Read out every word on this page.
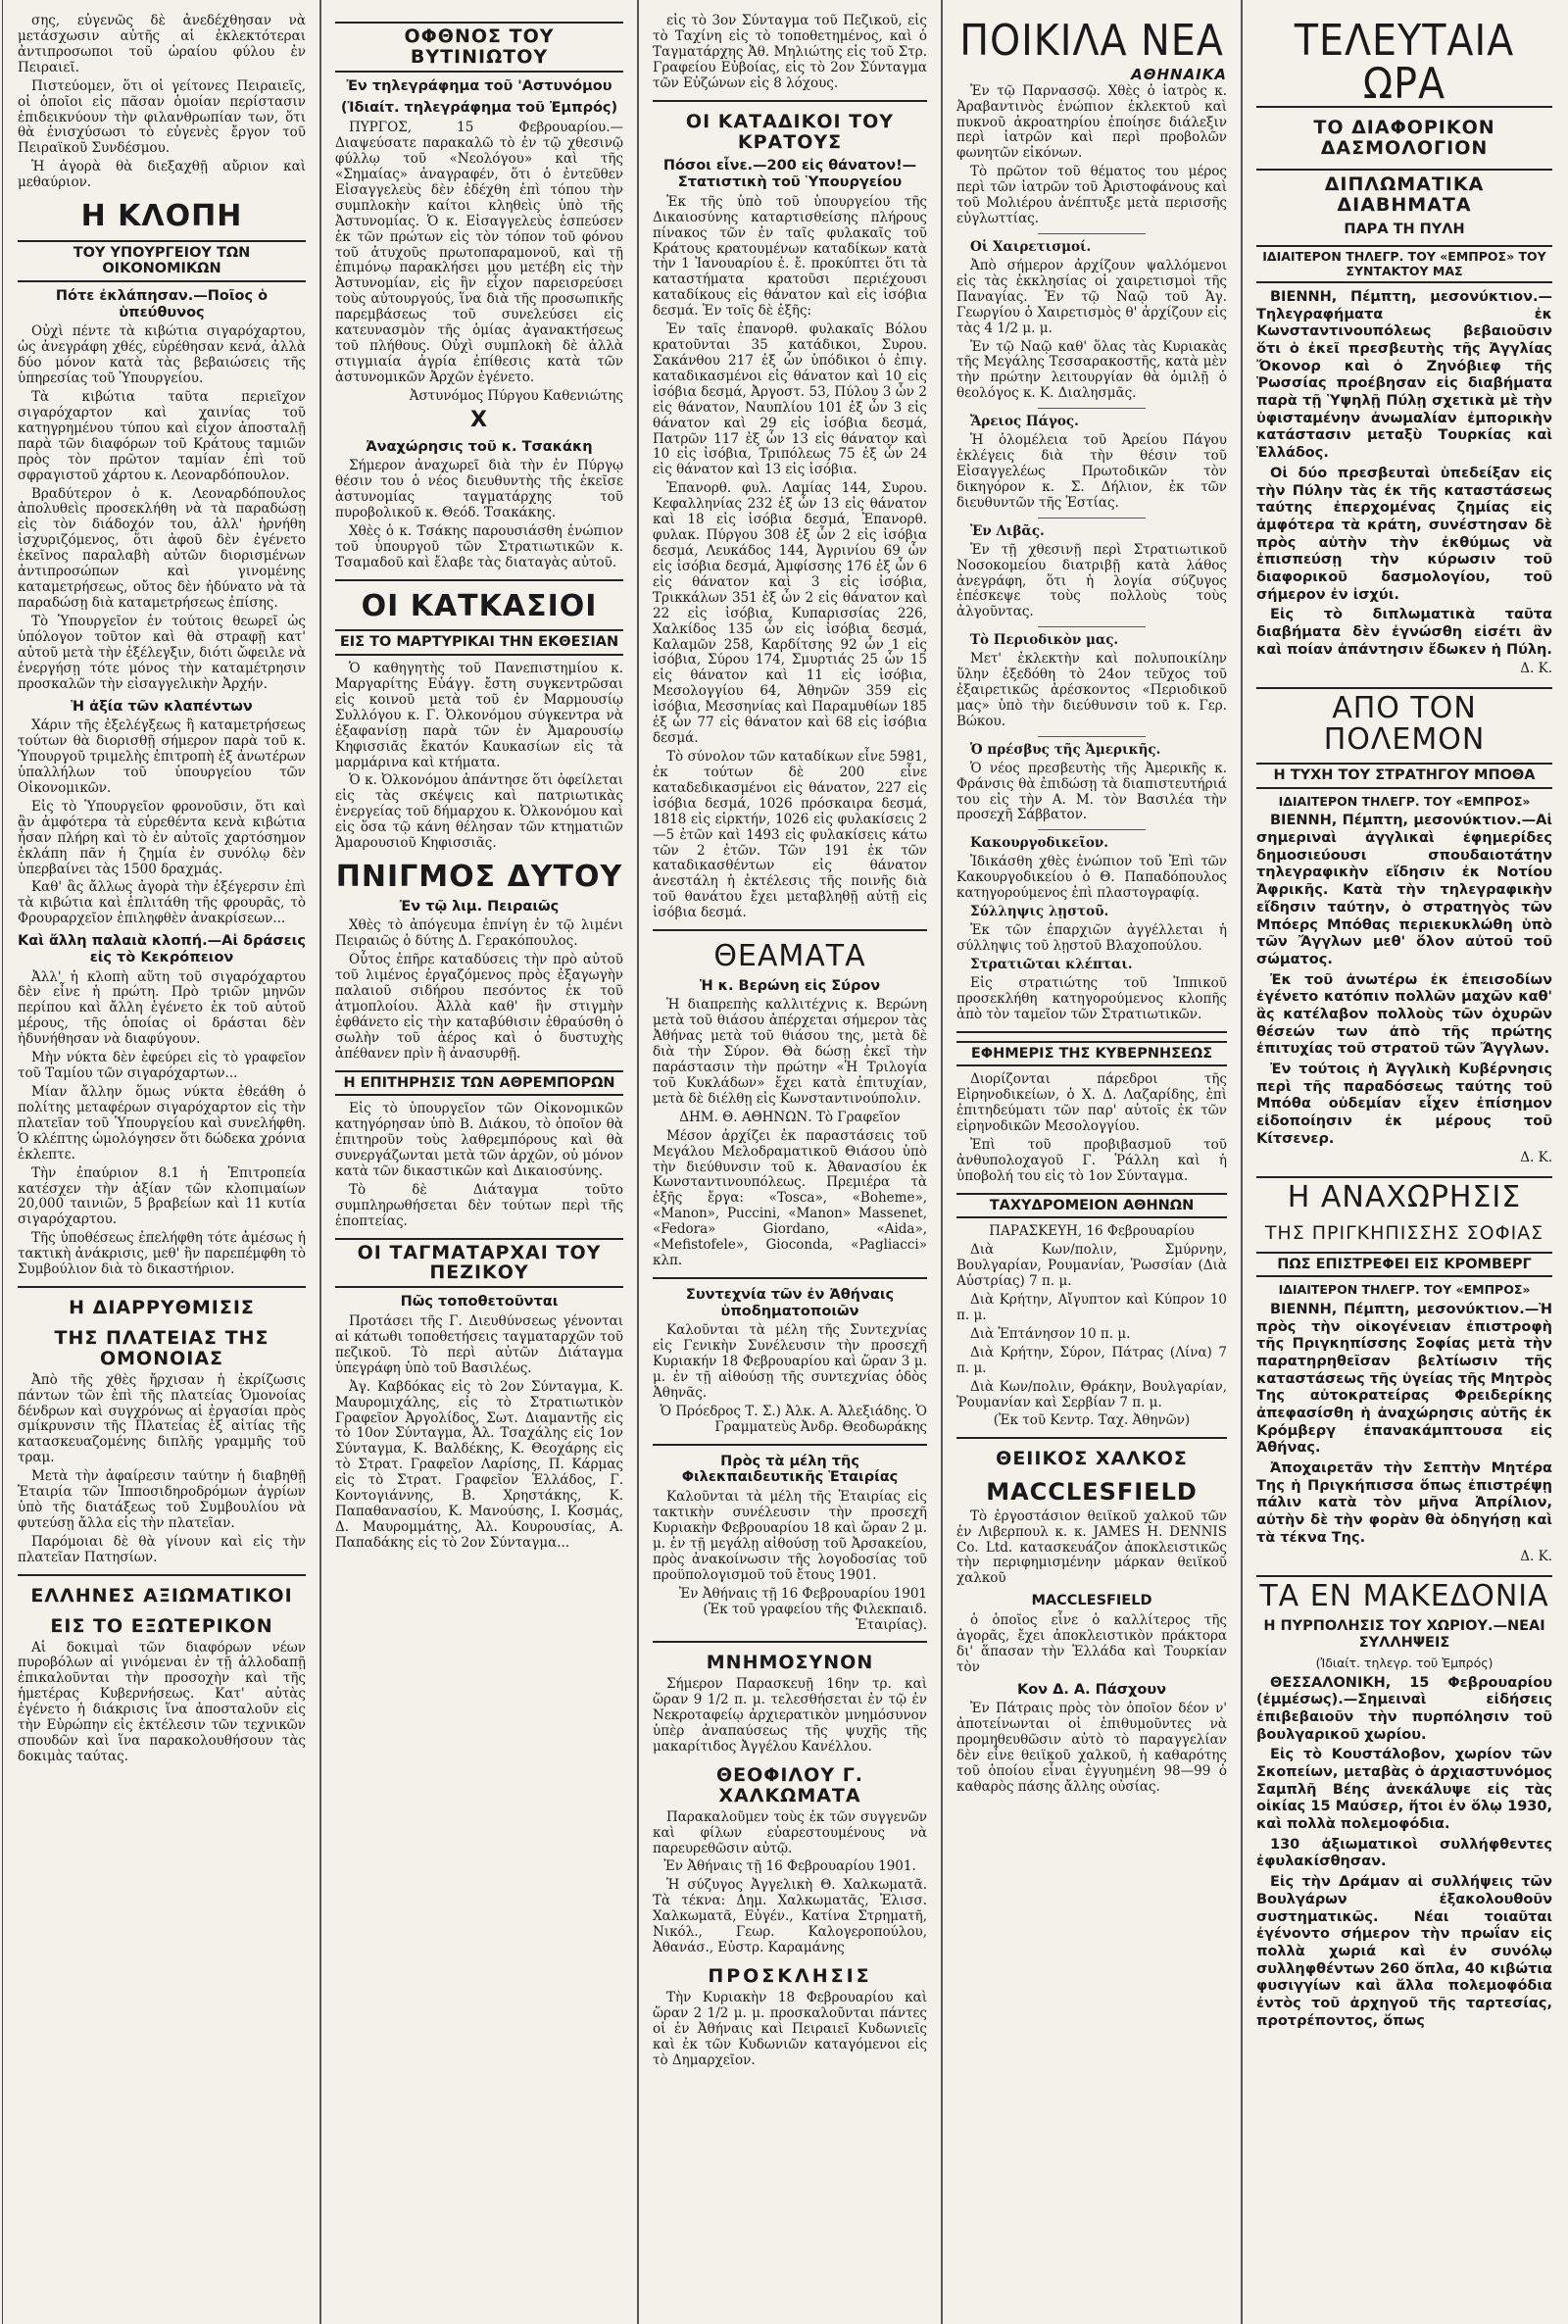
σης, εὐγενῶς δὲ ἀνεδέχθησαν νὰ μετάσχωσιν αὐτῆς αἱ ἐκλεκτότεραι ἀντιπροσωποι τοῦ ὡραίου φύλου ἐν Πειραιεῖ.

Πιστεύομεν, ὅτι οἱ γείτονες Πειραιεῖς, οἱ ὁποῖοι εἰς πᾶσαν ὁμοίαν περίστασιν ἐπιδεικνύουν τὴν φιλανθρωπίαν των, ὅτι θὰ ἐνισχύσωσι τὸ εὐγενὲς ἔργον τοῦ Πειραϊκοῦ Συνδέσμου.

Ἡ ἀγορὰ θὰ διεξαχθῇ αὔριον καὶ μεθαύριον.

Η ΚΛΟΠΗ
ΤΟΥ ΥΠΟΥΡΓΕΙΟΥ ΤΩΝ ΟΙΚΟΝΟΜΙΚΩΝ
Πότε ἐκλάπησαν.—Ποῖος ὁ ὑπεύθυνος

Οὐχὶ πέντε τὰ κιβώτια σιγαρόχαρτου, ὡς ἀνεγράφη χθές, εὑρέθησαν κενά, ἀλλὰ δύο μόνον κατὰ τὰς βεβαιώσεις τῆς ὑπηρεσίας τοῦ Ὑπουργείου.

Τὰ κιβώτια ταῦτα περιεῖχον σιγαρόχαρτον καὶ χαινίας τοῦ κατηγρημένου τύπου καὶ εἶχον ἀποσταλῇ παρὰ τῶν διαφόρων τοῦ Κράτους ταμιῶν πρὸς τὸν πρῶτον ταμίαν ἐπὶ τοῦ σφραγιστοῦ χάρτου κ. Λεοναρδόπουλον.

Βραδύτερον ὁ κ. Λεοναρδόπουλος ἀπολυθεὶς προσεκλήθη νὰ τὰ παραδώσῃ εἰς τὸν διάδοχόν του, ἀλλ' ἠρνήθη ἰσχυριζόμενος, ὅτι ἀφοῦ δὲν ἐγένετο ἐκεῖνος παραλαβὴ αὐτῶν διορισμένων ἀντιπροσώπων καὶ γινομένης καταμετρήσεως, οὔτος δὲν ἠδύνατο νὰ τὰ παραδώσῃ διὰ καταμετρήσεως ἐπίσης.

Τὸ Ὑπουργεῖον ἐν τούτοις θεωρεῖ ὡς ὑπόλογον τοῦτον καὶ θὰ στραφῇ κατ' αὐτοῦ μετὰ τὴν ἐξέλεγξιν, διότι ὤφειλε νὰ ἐνεργήσῃ τότε μόνος τὴν καταμέτρησιν προσκαλῶν τὴν εἰσαγγελικὴν Ἀρχήν.

Ἡ ἀξία τῶν κλαπέντων

Χάριν τῆς ἐξελέγξεως ἢ καταμετρήσεως τούτων θὰ διορισθῇ σήμερον παρὰ τοῦ κ. Ὑπουργοῦ τριμελὴς ἐπιτροπὴ ἐξ ἀνωτέρων ὑπαλλήλων τοῦ ὑπουργείου τῶν Οἰκονομικῶν.

Εἰς τὸ Ὑπουργεῖον φρονοῦσιν, ὅτι καὶ ἂν ἀμφότερα τὰ εὑρεθέντα κενὰ κιβώτια ἦσαν πλήρη καὶ τὸ ἐν αὐτοῖς χαρτόσημον ἐκλάπη πᾶν ἡ ζημία ἐν συνόλῳ δὲν ὑπερβαίνει τὰς 1500 δραχμάς.

Καθ' ἃς ἄλλως ἀγορὰ τὴν ἐξέγερσιν ἐπὶ τὰ κιβώτια καὶ ἐπλιτάθη τῆς φρουρᾶς, τὸ Φρουραρχεῖον ἐπιληφθὲν ἀνακρίσεων...

Καὶ ἄλλη παλαιὰ κλοπή.—Αἱ δράσεις εἰς τὸ Κεκρόπειον

Ἀλλ' ἡ κλοπὴ αὕτη τοῦ σιγαρόχαρτου δὲν εἶνε ἡ πρώτη. Πρὸ τριῶν μηνῶν περίπου καὶ ἄλλη ἐγένετο ἐκ τοῦ αὐτοῦ μέρους, τῆς ὁποίας οἱ δράσται δὲν ἠδυνήθησαν νὰ διαφύγουν.

Μὴν νύκτα δὲν ἐφεύρει εἰς τὸ γραφεῖον τοῦ Ταμίου τῶν σιγαρόχαρτων...

Μίαν ἄλλην ὅμως νύκτα ἐθεάθη ὁ πολίτης μεταφέρων σιγαρόχαρτον εἰς τὴν πλατεῖαν τοῦ Ὑπουργείου καὶ συνελήφθη. Ὁ κλέπτης ὡμολόγησεν ὅτι δώδεκα χρόνια ἐκλεπτε.

Τὴν ἐπαύριον 8.1 ἡ Ἐπιτροπεία κατέσχεν τὴν ἀξίαν τῶν κλοπιμαίων 20,000 ταινιῶν, 5 βραβείων καὶ 11 κυτία σιγαρόχαρτου.

Τῆς ὑποθέσεως ἐπελήφθη τότε ἀμέσως ἡ τακτικὴ ἀνάκρισις, μεθ' ἣν παρεπέμφθη τὸ Συμβούλιον διὰ τὸ δικαστήριον.

Η ΔΙΑΡΡΥΘΜΙΣΙΣ
ΤΗΣ ΠΛΑΤΕΙΑΣ ΤΗΣ ΟΜΟΝΟΙΑΣ

Ἀπὸ τῆς χθὲς ἤρχισαν ἡ ἐκρίζωσις πάντων τῶν ἐπὶ τῆς πλατείας Ὁμονοίας δένδρων καὶ συγχρόνως αἱ ἐργασίαι πρὸς σμίκρυνσιν τῆς Πλατείας ἐξ αἰτίας τῆς κατασκευαζομένης διπλῆς γραμμῆς τοῦ τραμ.

Μετὰ τὴν ἀφαίρεσιν ταύτην ἡ διαβηθῇ Ἑταιρία τῶν Ἱπποσιδηροδρόμων ἀγρίων ὑπὸ τῆς διατάξεως τοῦ Συμβουλίου νὰ φυτεύσῃ ἄλλα εἰς τὴν πλατεῖαν.

Παρόμοιαι δὲ θὰ γίνουν καὶ εἰς τὴν πλατεῖαν Πατησίων.

ΕΛΛΗΝΕΣ ΑΞΙΩΜΑΤΙΚΟΙ
ΕΙΣ ΤΟ ΕΞΩΤΕΡΙΚΟΝ

Αἱ δοκιμαὶ τῶν διαφόρων νέων πυροβόλων αἱ γινόμεναι ἐν τῇ ἀλλοδαπῇ ἐπικαλοῦνται τὴν προσοχὴν καὶ τῆς ἡμετέρας Κυβερνήσεως. Κατ' αὐτὰς ἐγένετο ἡ διάκρισις ἵνα ἀποσταλοῦν εἰς τὴν Εὐρώπην εἰς ἐκτέλεσιν τῶν τεχνικῶν σπουδῶν καὶ ἵνα παρακολουθήσουν τὰς δοκιμὰς ταύτας.

ΟΦΘΝΟΣ ΤΟΥ ΒΥΤΙΝΙΩΤΟΥ
Ἐν τηλεγράφημα τοῦ 'Αστυνόμου
(Ἰδιαίτ. τηλεγράφημα τοῦ Ἐμπρός)

ΠΥΡΓΟΣ, 15 Φεβρουαρίου.— Διαψεύσατε παρακαλῶ τὸ ἐν τῷ χθεσινῷ φύλλῳ τοῦ «Νεολόγου» καὶ τῆς «Σημαίας» ἀναγραφέν, ὅτι ὁ ἐντεῦθεν Εἰσαγγελεὺς δὲν ἐδέχθη ἐπὶ τόπου τὴν συμπλοκὴν καίτοι κληθεὶς ὑπὸ τῆς Ἀστυνομίας. Ὁ κ. Εἰσαγγελεὺς ἐσπεύσεν ἐκ τῶν πρώτων εἰς τὸν τόπον τοῦ φόνου τοῦ ἀτυχοῦς πρωτοπαραμονοῦ, καὶ τῇ ἐπιμόνῳ παρακλήσει μου μετέβη εἰς τὴν Ἀστυνομίαν, εἰς ἣν εἶχον παρεισρεύσει τοὺς αὐτουργούς, ἵνα διὰ τῆς προσωπικῆς παρεμβάσεως τοῦ συνελεύσει εἰς κατευνασμὸν τῆς ὁμίας ἀγανακτήσεως τοῦ πλήθους. Οὐχὶ συμπλοκὴ δὲ ἀλλὰ στιγμιαία ἀγρία ἐπίθεσις κατὰ τῶν ἀστυνομικῶν Ἀρχῶν ἐγένετο.

Ἀστυνόμος Πύργου Καθενιώτης

X
Ἀναχώρησις τοῦ κ. Τσακάκη

Σήμερον ἀναχωρεῖ διὰ τὴν ἐν Πύργῳ θέσιν του ὁ νέος διευθυντὴς τῆς ἐκεῖσε ἀστυνομίας ταγματάρχης τοῦ πυροβολικοῦ κ. Θεόδ. Τσακάκης.

Χθὲς ὁ κ. Τσάκης παρουσιάσθη ἐνώπιον τοῦ ὑπουργοῦ τῶν Στρατιωτικῶν κ. Τσαμαδοῦ καὶ ἔλαβε τὰς διαταγὰς αὐτοῦ.

ΟΙ ΚΑΤΚΑΣΙΟΙ
ΕΙΣ ΤΟ ΜΑΡΤΥΡΙΚΑΙ ΤΗΝ ΕΚΘΕΣΙΑΝ

Ὁ καθηγητὴς τοῦ Πανεπιστημίου κ. Μαργαρίτης Εὐάγγ. ἔστη συγκεντρῶσαι εἰς κοινοῦ μετὰ τοῦ ἐν Μαρμουσίῳ Συλλόγου κ. Γ. Ὀλκονόμου σύγκεντρα νὰ ἐξαφανίσῃ παρὰ τῶν ἐν Ἀμαρουσίῳ Κηφισσιᾶς ἔκατόν Καυκασίων εἰς τὰ μαρμάρινα καὶ κτήματα.

Ὁ κ. Ὀλκονόμου ἀπάντησε ὅτι ὀφείλεται εἰς τὰς σκέψεις καὶ πατριωτικὰς ἐνεργείας τοῦ δήμαρχου κ. Ὀλκονόμου καὶ εἰς ὅσα τῷ κάνη θέλησαν τῶν κτηματιῶν Ἀμαρουσιοῦ Κηφισσιᾶς.

ΠΝΙΓΜΟΣ ΔΥΤΟΥ
Ἐν τῷ λιμ. Πειραιῶς

Χθὲς τὸ ἀπόγευμα ἐπνίγη ἐν τῷ λιμένι Πειραιῶς ὁ δύτης Δ. Γερακόπουλος.

Οὗτος ἐπῆρε καταδύσεις τὴν πρὸ αὐτοῦ τοῦ λιμένος ἐργαζόμενος πρὸς ἐξαγωγὴν παλαιοῦ σιδήρου πεσόντος ἐκ τοῦ ἀτμοπλοίου. Ἀλλὰ καθ' ἣν στιγμὴν ἐφθάνετο εἰς τὴν καταβύθισιν ἐθραύσθη ὁ σωλὴν τοῦ ἀέρος καὶ ὁ δυστυχὴς ἀπέθανεν πρὶν ἢ ἀνασυρθῇ.

Η ΕΠΙΤΗΡΗΣΙΣ ΤΩΝ ΑΘΡΕΜΠΟΡΩΝ

Εἰς τὸ ὑπουργεῖον τῶν Οἰκονομικῶν κατηγόρησαν ὑπὸ Β. Διάκου, τὸ ὁποῖον θὰ ἐπιτηροῦν τοὺς λαθρεμπόρους καὶ θὰ συνεργάζωνται μετὰ τῶν ἀρχῶν, οὐ μόνον κατὰ τῶν δικαστικῶν καὶ Δικαιοσύνης.

Τὸ δὲ Διάταγμα τοῦτο συμπληρωθήσεται δὲν τούτων περὶ τῆς ἐποπτείας.

ΟΙ ΤΑΓΜΑΤΑΡΧΑΙ ΤΟΥ ΠΕΖΙΚΟΥ
Πῶς τοποθετοῦνται

Προτάσει τῆς Γ. Διευθύνσεως γένονται αἱ κάτωθι τοποθετήσεις ταγματαρχῶν τοῦ πεζικοῦ. Τὸ περὶ αὐτῶν Διάταγμα ὑπεγράφη ὑπὸ τοῦ Βασιλέως.

Ἀγ. Καβδόκας εἰς τὸ 2ον Σύνταγμα, Κ. Μαυρομιχάλης, εἰς τὸ Στρατιωτικὸν Γραφεῖον Ἀργολίδος, Σωτ. Διαμαντῆς εἰς τὸ 10ον Σύνταγμα, Ἀλ. Τσαχάλης εἰς 1ον Σύνταγμα, Κ. Βαλδέκης, Κ. Θεοχάρης εἰς τὸ Στρατ. Γραφεῖον Λαρίσης, Π. Κάρμας εἰς τὸ Στρατ. Γραφεῖον Ἑλλάδος, Γ. Κοντογιάννης, Β. Χρηστάκης, Κ. Παπαθανασίου, Κ. Μανούσης, Ι. Κοσμάς, Δ. Μαυρομμάτης, Ἀλ. Κουρουσίας, Α. Παπαδάκης εἰς τὸ 2ον Σύνταγμα...

εἰς τὸ 3ον Σύνταγμα τοῦ Πεζικοῦ, εἰς τὸ Ταχίνη εἰς τὸ τοποθετημένος, καὶ ὁ Ταγματάρχης Ἀθ. Μηλιώτης εἰς τοῦ Στρ. Γραφείου Εὐβοίας, εἰς τὸ 2ον Σύνταγμα τῶν Εὐζώνων εἰς 8 λόχους.

ΟΙ ΚΑΤΑΔΙΚΟΙ ΤΟΥ ΚΡΑΤΟΥΣ
Πόσοι εἶνε.—200 εἰς θάνατον!—Στατιστικὴ τοῦ Ὑπουργείου

Ἐκ τῆς ὑπὸ τοῦ ὑπουργείου τῆς Δικαιοσύνης καταρτισθείσης πλήρους πίνακος τῶν ἐν ταῖς φυλακαῖς τοῦ Κράτους κρατουμένων καταδίκων κατὰ τὴν 1 Ἰανουαρίου ἐ. ἔ. προκύπτει ὅτι τὰ καταστήματα κρατοῦσι περιέχουσι καταδίκους εἰς θάνατον καὶ εἰς ἰσόβια δεσμά. Ἐν τοῖς δὲ ἐξῆς:

Ἐν ταῖς ἐπανορθ. φυλακαῖς Βόλου κρατοῦνται 35 κατάδικοι, Συρου. Σακάνθου 217 ἐξ ὧν ὑπόδικοι ὁ ἐπιγ. καταδικασμένοι εἰς θάνατον καὶ 10 εἰς ἰσόβια δεσμά, Ἀργοστ. 53, Πύλου 3 ὧν 2 εἰς θάνατον, Ναυπλίου 101 ἐξ ὧν 3 εἰς θάνατον καὶ 29 εἰς ἰσόβια δεσμά, Πατρῶν 117 ἐξ ὧν 13 εἰς θάνατον καὶ 10 εἰς ἰσόβια, Τριπόλεως 75 ἐξ ὧν 24 εἰς θάνατον καὶ 13 εἰς ἰσόβια.

Ἐπανορθ. φυλ. Λαμίας 144, Συρου. Κεφαλληνίας 232 ἐξ ὧν 13 εἰς θάνατον καὶ 18 εἰς ἰσόβια δεσμά, Ἐπανορθ. φυλακ. Πύργου 308 ἐξ ὧν 2 εἰς ἰσόβια δεσμά, Λευκάδος 144, Ἀγρινίου 69 ὧν εἰς ἰσόβια δεσμά, Ἀμφίσσης 176 ἐξ ὧν 6 εἰς θάνατον καὶ 3 εἰς ἰσόβια, Τρικκάλων 351 ἐξ ὧν 2 εἰς θάνατον καὶ 22 εἰς ἰσόβια, Κυπαρισσίας 226, Χαλκίδος 135 ὧν εἰς ἰσόβια δεσμά, Καλαμῶν 258, Καρδίτσης 92 ὧν 1 εἰς ἰσόβια, Σύρου 174, Σμυρτιάς 25 ὧν 15 εἰς θάνατον καὶ 11 εἰς ἰσόβια, Μεσολογγίου 64, Ἀθηνῶν 359 εἰς ἰσόβια, Μεσσηνίας καὶ Παραμυθίων 185 ἐξ ὧν 77 εἰς θάνατον καὶ 68 εἰς ἰσόβια δεσμά.

Τὸ σύνολον τῶν καταδίκων εἶνε 5981, ἐκ τούτων δὲ 200 εἶνε καταδεδικασμένοι εἰς θάνατον, 227 εἰς ἰσόβια δεσμά, 1026 πρόσκαιρα δεσμά, 1818 εἰς εἱρκτήν, 1026 εἰς φυλακίσεις 2—5 ἐτῶν καὶ 1493 εἰς φυλακίσεις κάτω τῶν 2 ἐτῶν. Τῶν 191 ἐκ τῶν καταδικασθέντων εἰς θάνατον ἀνεστάλη ἡ ἐκτέλεσις τῆς ποινῆς διὰ τοῦ θανάτου ἔχει μεταβληθῇ αὐτῇ εἰς ἰσόβια δεσμά.

ΘΕΑΜΑΤΑ
Ἡ κ. Βερώνη εἰς Σύρον

Ἡ διαπρεπὴς καλλιτέχνις κ. Βερώνη μετὰ τοῦ θιάσου ἀπέρχεται σήμερον τὰς Ἀθήνας μετὰ τοῦ θιάσου της, μετὰ δὲ διὰ τὴν Σύρον. Θὰ δώσῃ ἐκεῖ τὴν παράστασιν τὴν πρώτην «Ἡ Τριλογία τοῦ Κυκλάδων» ἔχει κατὰ ἐπιτυχίαν, μετὰ δὲ διέλθῃ εἰς Κωνσταντινούπολιν.

ΔΗΜ. Θ. ΑΘΗΝΩΝ. Τὸ Γραφεῖον

Μέσον ἀρχίζει ἐκ παραστάσεις τοῦ Μεγάλου Μελοδραματικοῦ Θιάσου ὑπὸ τὴν διεύθυνσιν τοῦ κ. Ἀθανασίου ἐκ Κωνσταντινουπόλεως. Πρεμιέρα τὰ ἐξῆς ἔργα: «Tosca», «Boheme», «Manon», Puccini, «Manon» Massenet, «Fedora» Giordano, «Aida», «Mefistofele», Gioconda, «Pagliacci» κλπ.

Συντεχνία τῶν ἐν Ἀθήναις ὑποδηματοποιῶν

Καλοῦνται τὰ μέλη τῆς Συντεχνίας εἰς Γενικὴν Συνέλευσιν τὴν προσεχῆ Κυριακήν 18 Φεβρουαρίου καὶ ὥραν 3 μ. μ. ἐν τῇ αἰθούσῃ τῆς συντεχνίας ὁδὸς Ἀθηνᾶς.

Ὁ Πρόεδρος Τ. Σ.) Ἀλκ. Α. Ἀλεξιάδης. Ὁ Γραμματεὺς Ἀνδρ. Θεοδωράκης

Πρὸς τὰ μέλη τῆς Φιλεκπαιδευτικῆς Ἑταιρίας

Καλοῦνται τὰ μέλη τῆς Ἑταιρίας εἰς τακτικὴν συνέλευσιν τὴν προσεχῆ Κυριακὴν Φεβρουαρίου 18 καὶ ὥραν 2 μ. μ. ἐν τῇ μεγάλῃ αἰθούσῃ τοῦ Ἀρσακείου, πρὸς ἀνακοίνωσιν τῆς λογοδοσίας τοῦ προϋπολογισμοῦ τοῦ ἔτους 1901.

Ἐν Ἀθήναις τῇ 16 Φεβρουαρίου 1901 (Ἐκ τοῦ γραφείου τῆς Φιλεκπαιδ. Ἑταιρίας).

ΜΝΗΜΟΣΥΝΟΝ

Σήμερον Παρασκευῇ 16ην τρ. καὶ ὥραν 9 1/2 π. μ. τελεσθήσεται ἐν τῷ ἐν Νεκροταφείῳ ἀρχιερατικὸν μνημόσυνον ὑπὲρ ἀναπαύσεως τῆς ψυχῆς τῆς μακαρίτιδος Ἀγγέλου Κανέλλου.

ΘΕΟΦΙΛΟΥ Γ. ΧΑΛΚΩΜΑΤΑ

Παρακαλοῦμεν τοὺς ἐκ τῶν συγγενῶν καὶ φίλων εὐαρεστουμένους νὰ παρευρεθῶσιν αὐτῷ.

Ἐν Ἀθήναις τῇ 16 Φεβρουαρίου 1901.

Ἡ σύζυγος Ἀγγελικὴ Θ. Χαλκωματᾶ. Τὰ τέκνα: Δημ. Χαλκωματᾶς, Ἐλισσ. Χαλκωματᾶ, Εὐγέν., Κατίνα Στρηματῆ, Νικόλ., Γεωρ. Καλογεροπούλου, Ἀθανάσ., Εὐστρ. Καραμάνης

ΠΡΟΣΚΛΗΣΙΣ

Τὴν Κυριακὴν 18 Φεβρουαρίου καὶ ὥραν 2 1/2 μ. μ. προσκαλοῦνται πάντες οἱ ἐν Ἀθήναις καὶ Πειραιεῖ Κυδωνιεῖς καὶ ἐκ τῶν Κυδωνιῶν καταγόμενοι εἰς τὸ Δημαρχεῖον.

ΠΟΙΚΙΛΑ ΝΕΑ
ΑΘΗΝΑΙΚΑ

Ἐν τῷ Παρνασσῷ. Χθὲς ὁ ἰατρὸς κ. Ἀραβαντινὸς ἐνώπιον ἐκλεκτοῦ καὶ πυκνοῦ ἀκροατηρίου ἐποίησε διάλεξιν περὶ ἰατρῶν καὶ περὶ προβολῶν φωνητῶν εἰκόνων.

Τὸ πρῶτον τοῦ θέματος του μέρος περὶ τῶν ἰατρῶν τοῦ Ἀριστοφάνους καὶ τοῦ Μολιέρου ἀνέπτυξε μετὰ περισσῆς εὐγλωττίας.

Οἱ Χαιρετισμοί.

Ἀπὸ σήμερον ἀρχίζουν ψαλλόμενοι εἰς τὰς ἐκκλησίας οἱ χαιρετισμοὶ τῆς Παναγίας. Ἐν τῷ Ναῷ τοῦ Ἁγ. Γεωργίου ὁ Χαιρετισμὸς θ' ἀρχίζουν εἰς τὰς 4 1/2 μ. μ.

Ἐν τῷ Ναῷ καθ' ὅλας τὰς Κυριακὰς τῆς Μεγάλης Τεσσαρακοστῆς, κατὰ μὲν τὴν πρώτην λειτουργίαν θὰ ὁμιλῇ ὁ θεολόγος κ. Κ. Διαλησμᾶς.

Ἄρειος Πάγος.

Ἡ ὁλομέλεια τοῦ Ἀρείου Πάγου ἐκλέγεις διὰ τὴν θέσιν τοῦ Εἰσαγγελέως Πρωτοδικῶν τὸν δικηγόρον κ. Σ. Δήλιον, ἐκ τῶν διευθυντῶν τῆς Ἑστίας.

Ἐν Λιβᾶς.

Ἐν τῇ χθεσινῇ περὶ Στρατιωτικοῦ Νοσοκομείου διατριβῇ κατὰ λάθος ἀνεγράφη, ὅτι ἡ λογία σύζυγος ἐπέσκεψε τοὺς πολλοὺς τοὺς ἀλγοῦντας.

Τὸ Περιοδικὸν μας.

Μετ' ἐκλεκτὴν καὶ πολυποικίλην ὕλην ἐξεδόθη τὸ 24ον τεῦχος τοῦ ἐξαιρετικῶς ἀρέσκοντος «Περιοδικοῦ μας» ὑπὸ τὴν διεύθυνσιν τοῦ κ. Γερ. Βώκου.

Ὁ πρέσβυς τῆς Ἀμερικῆς.

Ὁ νέος πρεσβευτὴς τῆς Ἀμερικῆς κ. Φράνσις θὰ ἐπιδώσῃ τὰ διαπιστευτήριά του εἰς τὴν Α. Μ. τὸν Βασιλέα τὴν προσεχῆ Σάββατον.

Κακουργοδικεῖον.

Ἰδικάσθη χθὲς ἐνώπιον τοῦ Ἐπὶ τῶν Κακουργοδικείου ὁ Θ. Παπαδόπουλος κατηγορούμενος ἐπὶ πλαστογραφίᾳ.

Σύλληψις λῃστοῦ.

Ἐκ τῶν ἐπαρχιῶν ἀγγέλλεται ἡ σύλληψις τοῦ λῃστοῦ Βλαχοπούλου.

Στρατιῶται κλέπται.

Εἰς στρατιώτης τοῦ Ἱππικοῦ προσεκλήθη κατηγορούμενος κλοπῆς ἀπὸ τὸν ταμεῖον τῶν Στρατιωτικῶν.

ΕΦΗΜΕΡΙΣ ΤΗΣ ΚΥΒΕΡΝΗΣΕΩΣ

Διορίζονται πάρεδροι τῆς Εἰρηνοδικείων, ὁ Χ. Δ. Λαζαρίδης, ἐπὶ ἐπιτηδεύματι τῶν παρ' αὐτοῖς ἐκ τῶν εἰρηνοδικῶν Μεσολογγίου.

Ἐπὶ τοῦ προβιβασμοῦ τοῦ ἀνθυπολοχαγοῦ Γ. Ῥάλλη καὶ ἡ ὑποβολή του εἰς τὸ 1ον Σύνταγμα.

ΤΑΧΥΔΡΟΜΕΙΟΝ ΑΘΗΝΩΝ

ΠΑΡΑΣΚΕΥΗ, 16 Φεβρουαρίου

Διὰ Κων/πολιν, Σμύρνην, Βουλγαρίαν, Ρουμανίαν, Ῥωσσίαν (Διὰ Αὐστρίας) 7 π. μ.

Διὰ Κρήτην, Αἴγυπτον καὶ Κύπρον 10 π. μ.

Διὰ Ἑπτάνησον 10 π. μ.

Διὰ Κρήτην, Σύρον, Πάτρας (Λίνα) 7 π. μ.

Διὰ Κων/πολιν, Θράκην, Βουλγαρίαν, Ῥουμανίαν καὶ Σερβίαν 7 π. μ.

(Ἐκ τοῦ Κεντρ. Ταχ. Ἀθηνῶν)

ΘΕΙΙΚΟΣ ΧΑΛΚΟΣ
MACCLESFIELD

Τὸ ἐργοστάσιον θειϊκοῦ χαλκοῦ τῶν ἐν Λιβερπουλ κ. κ. JAMES H. DENNIS Co. Ltd. κατασκευάζον ἀποκλειστικῶς τὴν περιφημισμένην μάρκαν θειϊκοῦ χαλκοῦ

MACCLESFIELD

ὁ ὁποῖος εἶνε ὁ καλλίτερος τῆς ἀγορᾶς, ἔχει ἀποκλειστικὸν πράκτορα δι' ἅπασαν τὴν Ἑλλάδα καὶ Τουρκίαν τὸν

Κον Δ. Α. Πάσχουν

Ἐν Πάτραις πρὸς τὸν ὁποῖον δέον ν' ἀποτείνωνται οἱ ἐπιθυμοῦντες νὰ προμηθευθῶσιν αὐτὸ τὸ παραγγελίαν δὲν εἶνε θειϊκοῦ χαλκοῦ, ἡ καθαρότης τοῦ ὁποίου εἶναι ἐγγυημένη 98—99 ὁ καθαρὸς πάσης ἄλλης οὐσίας.

ΤΕΛΕΥΤΑΙΑ ΩΡΑ
ΤΟ ΔΙΑΦΟΡΙΚΟΝ ΔΑΣΜΟΛΟΓΙΟΝ
ΔΙΠΛΩΜΑΤΙΚΑ ΔΙΑΒΗΜΑΤΑ
ΠΑΡΑ ΤΗ ΠΥΛΗ
ΙΔΙΑΙΤΕΡΟΝ ΤΗΛΕΓΡ. ΤΟΥ «ΕΜΠΡΟΣ» ΤΟΥ ΣΥΝΤΑΚΤΟΥ ΜΑΣ

ΒΙΕΝΝΗ, Πέμπτη, μεσονύκτιον.—Τηλεγραφήματα ἐκ Κωνσταντινουπόλεως βεβαιοῦσιν ὅτι ὁ ἐκεῖ πρεσβευτὴς τῆς Ἀγγλίας Ὄκονορ καὶ ὁ Ζηνόβιεφ τῆς Ῥωσσίας προέβησαν εἰς διαβήματα παρὰ τῇ Ὑψηλῇ Πύλῃ σχετικὰ μὲ τὴν ὑφισταμένην ἀνωμαλίαν ἐμπορικὴν κατάστασιν μεταξὺ Τουρκίας καὶ Ἑλλάδος.

Οἱ δύο πρεσβευταὶ ὑπεδείξαν εἰς τὴν Πύλην τὰς ἐκ τῆς καταστάσεως ταύτης ἐπερχομένας ζημίας εἰς ἀμφότερα τὰ κράτη, συνέστησαν δὲ πρὸς αὐτὴν τὴν ἐκθύμως νὰ ἐπισπεύσῃ τὴν κύρωσιν τοῦ διαφορικοῦ δασμολογίου, τοῦ σήμερον ἐν ἰσχύι.

Εἰς τὸ διπλωματικὰ ταῦτα διαβήματα δὲν ἐγνώσθη εἰσέτι ἂν καὶ ποίαν ἀπάντησιν ἔδωκεν ἡ Πύλη.

Δ. Κ.

ΑΠΟ ΤΟΝ ΠΟΛΕΜΟΝ
Η ΤΥΧΗ ΤΟΥ ΣΤΡΑΤΗΓΟΥ ΜΠΟΘΑ
ΙΔΙΑΙΤΕΡΟΝ ΤΗΛΕΓΡ. ΤΟΥ «ΕΜΠΡΟΣ»

ΒΙΕΝΝΗ, Πέμπτη, μεσονύκτιον.—Αἱ σημεριναὶ ἀγγλικαὶ ἐφημερίδες δημοσιεύουσι σπουδαιοτάτην τηλεγραφικὴν εἴδησιν ἐκ Νοτίου Ἀφρικῆς. Κατὰ τὴν τηλεγραφικὴν εἴδησιν ταύτην, ὁ στρατηγὸς τῶν Μπόερς Μπόθας περιεκυκλώθη ὑπὸ τῶν Ἄγγλων μεθ' ὅλον αὐτοῦ τοῦ σώματος.

Ἐκ τοῦ ἀνωτέρω ἐκ ἐπεισοδίων ἐγένετο κατόπιν πολλῶν μαχῶν καθ' ἃς κατέλαβον πολλοὺς τῶν ὀχυρῶν θέσεών των ἀπὸ τῆς πρώτης ἐπιτυχίας τοῦ στρατοῦ τῶν Ἄγγλων.

Ἐν τούτοις ἡ Ἀγγλικὴ Κυβέρνησις περὶ τῆς παραδόσεως ταύτης τοῦ Μπόθα οὐδεμίαν εἶχεν ἐπίσημον εἰδοποίησιν ἐκ μέρους τοῦ Κίτσενερ.

Δ. Κ.

Η ΑΝΑΧΩΡΗΣΙΣ
ΤΗΣ ΠΡΙΓΚΗΠΙΣΣΗΣ ΣΟΦΙΑΣ
ΠΩΣ ΕΠΙΣΤΡΕΦΕΙ ΕΙΣ ΚΡΟΜΒΕΡΓ
ΙΔΙΑΙΤΕΡΟΝ ΤΗΛΕΓΡ. ΤΟΥ «ΕΜΠΡΟΣ»

ΒΙΕΝΝΗ, Πέμπτη, μεσονύκτιον.—Ἡ πρὸς τὴν οἰκογένειαν ἐπιστροφὴ τῆς Πριγκηπίσσης Σοφίας μετὰ τὴν παρατηρηθεῖσαν βελτίωσιν τῆς καταστάσεως τῆς ὑγείας τῆς Μητρὸς Της αὐτοκρατείρας Φρειδερίκης ἀπεφασίσθη ἡ ἀναχώρησις αὐτῆς ἐκ Κρόμβεργ ἐπανακάμπτουσα εἰς Ἀθήνας.

Ἀποχαιρετᾶν τὴν Σεπτὴν Μητέρα Της ἡ Πριγκήπισσα ὅπως ἐπιστρέψῃ πάλιν κατὰ τὸν μῆνα Ἀπρίλιον, αὐτὴν δὲ τὴν φορὰν θὰ ὁδηγήσῃ καὶ τὰ τέκνα Της.

Δ. Κ.

ΤΑ ΕΝ ΜΑΚΕΔΟΝΙΑ
Η ΠΥΡΠΟΛΗΣΙΣ ΤΟΥ ΧΩΡΙΟΥ.—ΝΕΑΙ ΣΥΛΛΗΨΕΙΣ
(Ἰδιαίτ. τηλεγρ. τοῦ Ἐμπρός)

ΘΕΣΣΑΛΟΝΙΚΗ, 15 Φεβρουαρίου (ἐμμέσως).—Σημειναὶ εἰδήσεις ἐπιβεβαιοῦν τὴν πυρπόλησιν τοῦ βουλγαρικοῦ χωρίου.

Εἰς τὸ Κουστάλοβον, χωρίον τῶν Σκοπείων, μεταβὰς ὁ ἀρχιαστυνόμος Σαμπλῆ Βέης ἀνεκάλυψε εἰς τὰς οἰκίας 15 Μαύσερ, ἥτοι ἐν ὅλῳ 1930, καὶ πολλὰ πολεμοφόδια.

130 ἀξιωματικοὶ συλλήφθεντες ἐφυλακίσθησαν.

Εἰς τὴν Δράμαν αἱ συλλήψεις τῶν Βουλγάρων ἐξακολουθοῦν συστηματικῶς. Νέαι τοιαῦται ἐγένοντο σήμερον τὴν πρωΐαν εἰς πολλὰ χωριά καὶ ἐν συνόλῳ συλληφθέντων 260 ὅπλα, 40 κιβώτια φυσιγγίων καὶ ἄλλα πολεμοφόδια ἐντὸς τοῦ ἀρχηγοῦ τῆς ταρτεσίας, προτρέποντος, ὅπως
